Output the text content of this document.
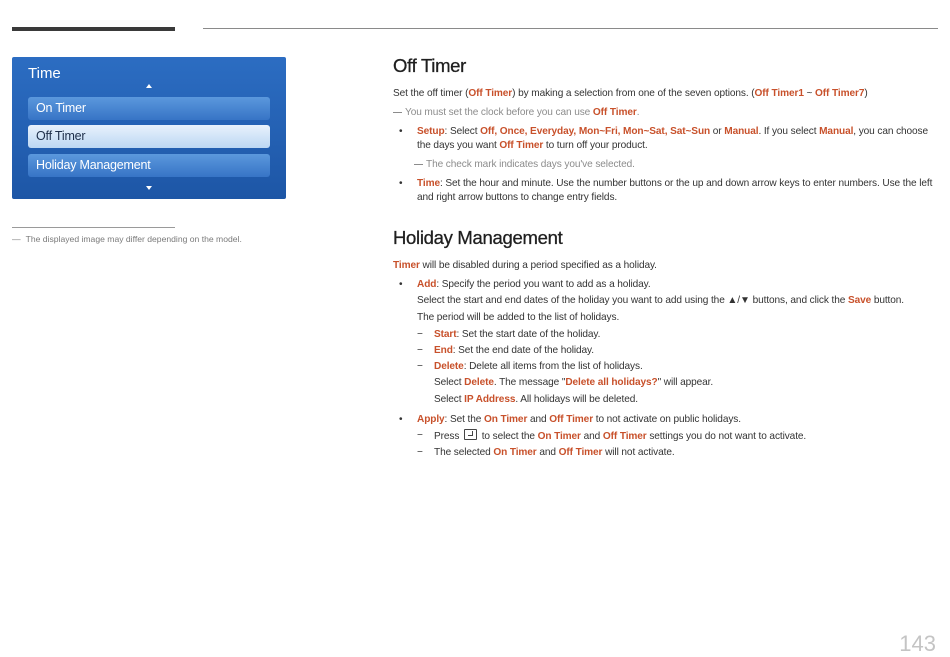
Time
On Timer
Off Timer
Holiday Management
― The displayed image may differ depending on the model.
Off Timer
Set the off timer (Off Timer) by making a selection from one of the seven options. (Off Timer1 ~ Off Timer7)
You must set the clock before you can use Off Timer.
• Setup: Select Off, Once, Everyday, Mon~Fri, Mon~Sat, Sat~Sun or Manual. If you select Manual, you can choose the days you want Off Timer to turn off your product.
The check mark indicates days you've selected.
• Time: Set the hour and minute. Use the number buttons or the up and down arrow keys to enter numbers. Use the left and right arrow buttons to change entry fields.
Holiday Management
Timer will be disabled during a period specified as a holiday.
• Add: Specify the period you want to add as a holiday.
Select the start and end dates of the holiday you want to add using the ▲/▼ buttons, and click the Save button.
The period will be added to the list of holidays.
− Start: Set the start date of the holiday.
− End: Set the end date of the holiday.
− Delete: Delete all items from the list of holidays.
Select Delete. The message "Delete all holidays?" will appear.
Select IP Address. All holidays will be deleted.
• Apply: Set the On Timer and Off Timer to not activate on public holidays.
− Press  to select the On Timer and Off Timer settings you do not want to activate.
− The selected On Timer and Off Timer will not activate.
143
